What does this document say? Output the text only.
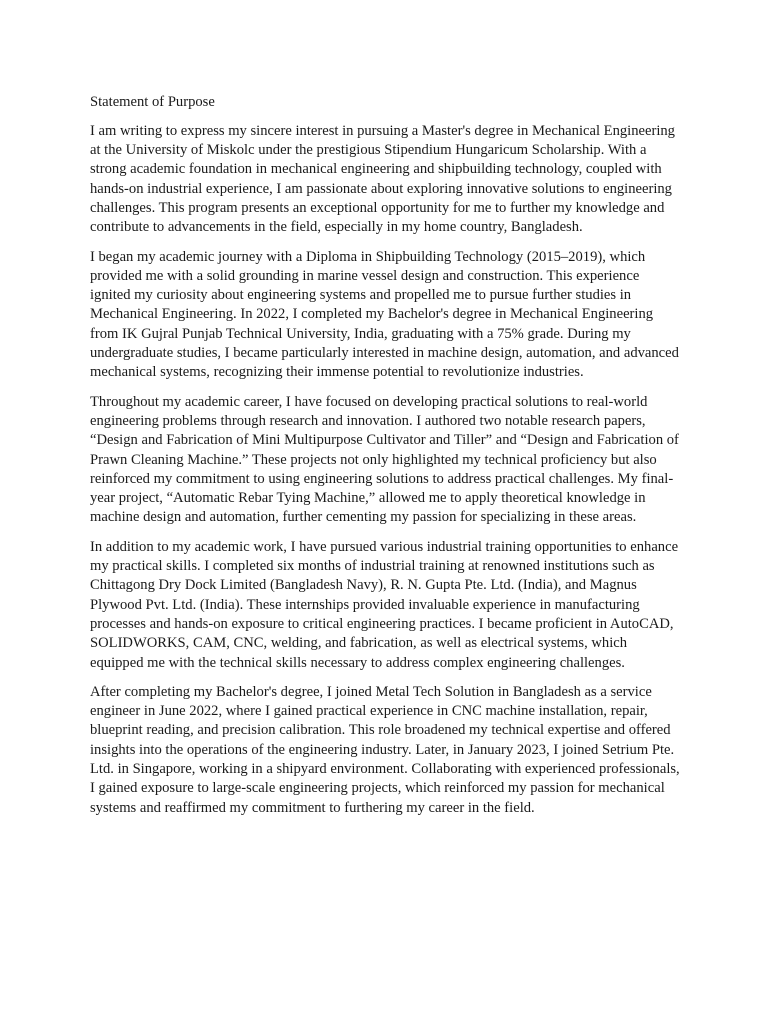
Statement of Purpose

I am writing to express my sincere interest in pursuing a Master's degree in Mechanical Engineering at the University of Miskolc under the prestigious Stipendium Hungaricum Scholarship. With a strong academic foundation in mechanical engineering and shipbuilding technology, coupled with hands-on industrial experience, I am passionate about exploring innovative solutions to engineering challenges. This program presents an exceptional opportunity for me to further my knowledge and contribute to advancements in the field, especially in my home country, Bangladesh.

I began my academic journey with a Diploma in Shipbuilding Technology (2015–2019), which provided me with a solid grounding in marine vessel design and construction. This experience ignited my curiosity about engineering systems and propelled me to pursue further studies in Mechanical Engineering. In 2022, I completed my Bachelor's degree in Mechanical Engineering from IK Gujral Punjab Technical University, India, graduating with a 75% grade. During my undergraduate studies, I became particularly interested in machine design, automation, and advanced mechanical systems, recognizing their immense potential to revolutionize industries.

Throughout my academic career, I have focused on developing practical solutions to real-world engineering problems through research and innovation. I authored two notable research papers, “Design and Fabrication of Mini Multipurpose Cultivator and Tiller” and “Design and Fabrication of Prawn Cleaning Machine.” These projects not only highlighted my technical proficiency but also reinforced my commitment to using engineering solutions to address practical challenges. My final-year project, “Automatic Rebar Tying Machine,” allowed me to apply theoretical knowledge in machine design and automation, further cementing my passion for specializing in these areas.

In addition to my academic work, I have pursued various industrial training opportunities to enhance my practical skills. I completed six months of industrial training at renowned institutions such as Chittagong Dry Dock Limited (Bangladesh Navy), R. N. Gupta Pte. Ltd. (India), and Magnus Plywood Pvt. Ltd. (India). These internships provided invaluable experience in manufacturing processes and hands-on exposure to critical engineering practices. I became proficient in AutoCAD, SOLIDWORKS, CAM, CNC, welding, and fabrication, as well as electrical systems, which equipped me with the technical skills necessary to address complex engineering challenges.

After completing my Bachelor's degree, I joined Metal Tech Solution in Bangladesh as a service engineer in June 2022, where I gained practical experience in CNC machine installation, repair, blueprint reading, and precision calibration. This role broadened my technical expertise and offered insights into the operations of the engineering industry. Later, in January 2023, I joined Setrium Pte. Ltd. in Singapore, working in a shipyard environment. Collaborating with experienced professionals, I gained exposure to large-scale engineering projects, which reinforced my passion for mechanical systems and reaffirmed my commitment to furthering my career in the field.
